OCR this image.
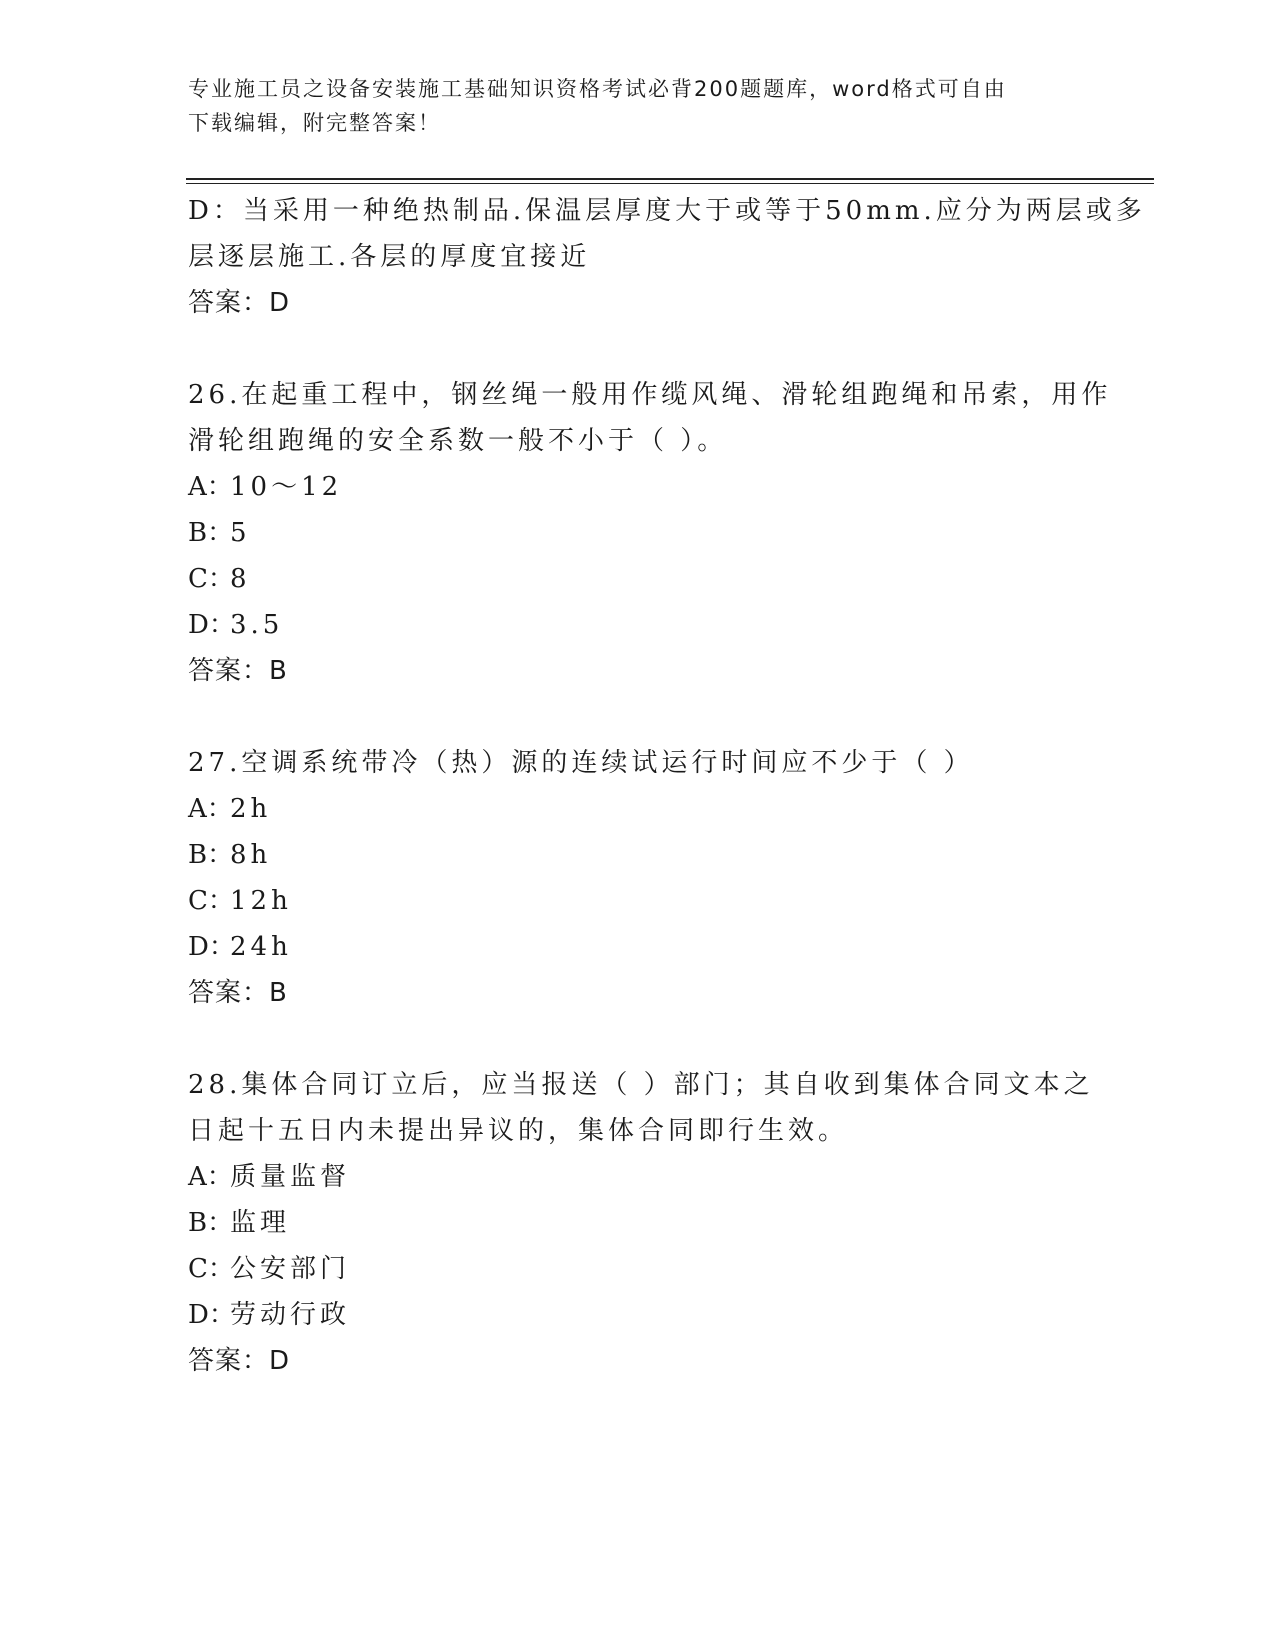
专业施工员之设备安装施工基础知识资格考试必背200题题库，word格式可自由
下载编辑，附完整答案！
D：当采用一种绝热制品.保温层厚度大于或等于50mm.应分为两层或多
层逐层施工.各层的厚度宜接近
答案：D
26.在起重工程中，钢丝绳一般用作缆风绳、滑轮组跑绳和吊索，用作
滑轮组跑绳的安全系数一般不小于（ ）。
A：10～12
B：5
C：8
D：3.5
答案：B
27.空调系统带冷（热）源的连续试运行时间应不少于（ ）
A：2h
B：8h
C：12h
D：24h
答案：B
28.集体合同订立后，应当报送（ ）部门；其自收到集体合同文本之
日起十五日内未提出异议的，集体合同即行生效。
A：质量监督
B：监理
C：公安部门
D：劳动行政
答案：D
